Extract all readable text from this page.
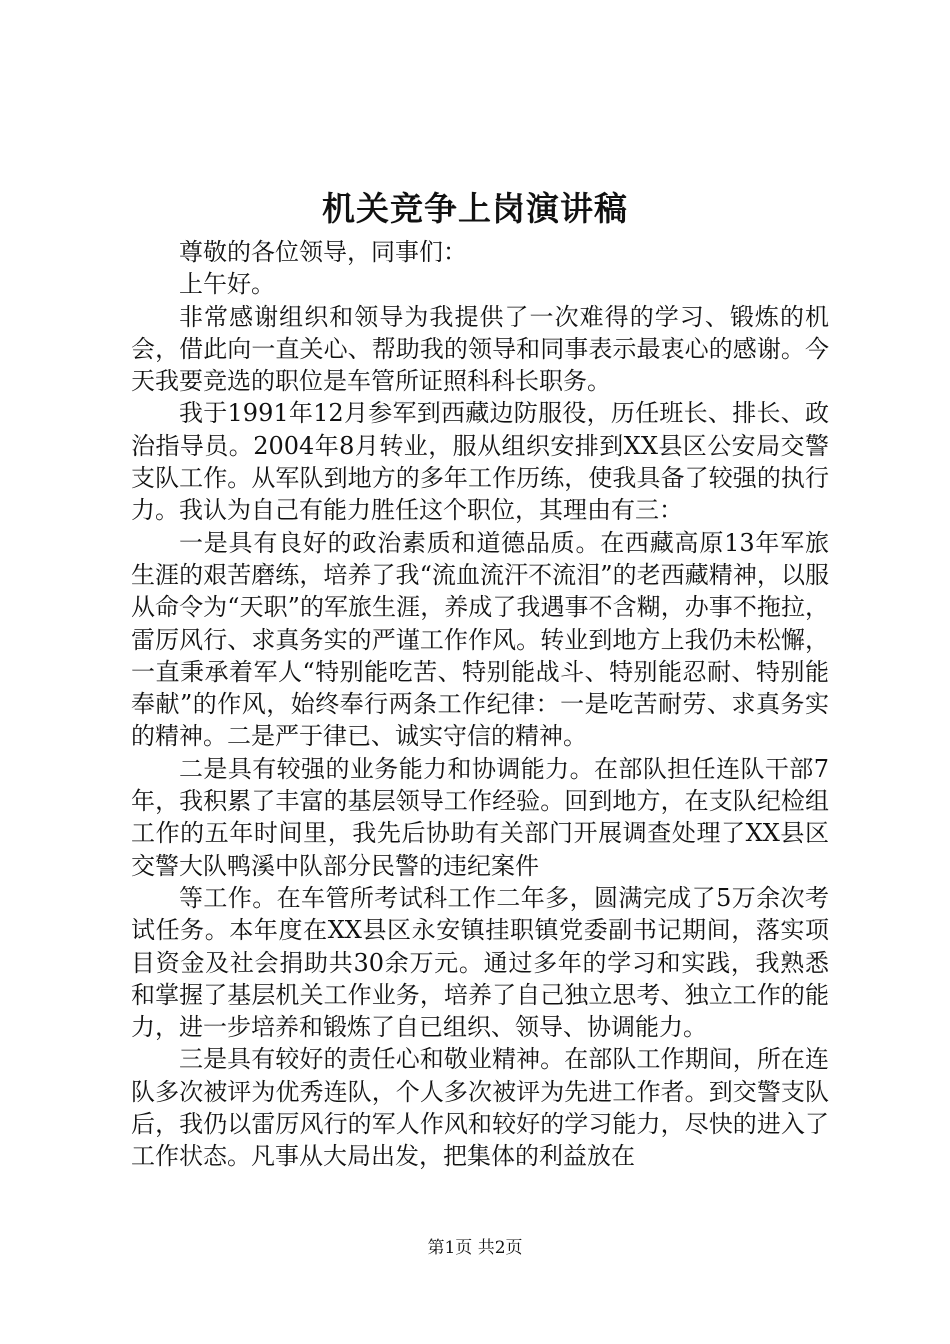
机关竞争上岗演讲稿

尊敬的各位领导，同事们：

上午好。

非常感谢组织和领导为我提供了一次难得的学习、锻炼的机会，借此向一直关心、帮助我的领导和同事表示最衷心的感谢。今天我要竞选的职位是车管所证照科科长职务。

我于1991年12月参军到西藏边防服役，历任班长、排长、政治指导员。2004年8月转业，服从组织安排到XX县区公安局交警支队工作。从军队到地方的多年工作历练，使我具备了较强的执行力。我认为自己有能力胜任这个职位，其理由有三：

一是具有良好的政治素质和道德品质。在西藏高原13年军旅生涯的艰苦磨练，培养了我“流血流汗不流泪”的老西藏精神，以服从命令为“天职”的军旅生涯，养成了我遇事不含糊，办事不拖拉，雷厉风行、求真务实的严谨工作作风。转业到地方上我仍未松懈，一直秉承着军人“特别能吃苦、特别能战斗、特别能忍耐、特别能奉献”的作风，始终奉行两条工作纪律：一是吃苦耐劳、求真务实的精神。二是严于律已、诚实守信的精神。

二是具有较强的业务能力和协调能力。在部队担任连队干部7年，我积累了丰富的基层领导工作经验。回到地方，在支队纪检组工作的五年时间里，我先后协助有关部门开展调查处理了XX县区交警大队鸭溪中队部分民警的违纪案件

等工作。在车管所考试科工作二年多，圆满完成了5万余次考试任务。本年度在XX县区永安镇挂职镇党委副书记期间，落实项目资金及社会捐助共30余万元。通过多年的学习和实践，我熟悉和掌握了基层机关工作业务，培养了自己独立思考、独立工作的能力，进一步培养和锻炼了自已组织、领导、协调能力。

三是具有较好的责任心和敬业精神。在部队工作期间，所在连队多次被评为优秀连队，个人多次被评为先进工作者。到交警支队后，我仍以雷厉风行的军人作风和较好的学习能力，尽快的进入了工作状态。凡事从大局出发，把集体的利益放在

第1页 共2页
